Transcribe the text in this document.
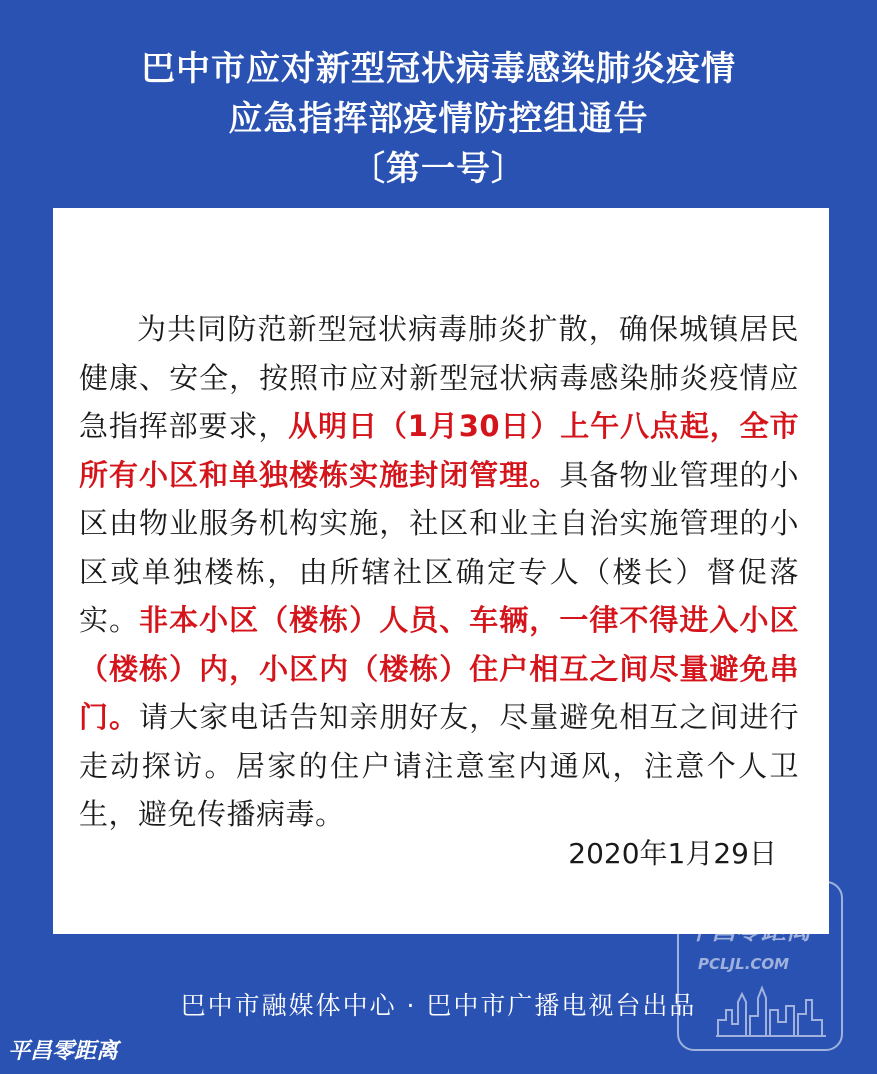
巴中市应对新型冠状病毒感染肺炎疫情
应急指挥部疫情防控组通告
〔第一号〕

为共同防范新型冠状病毒肺炎扩散，确保城镇居民健康、安全，按照市应对新型冠状病毒感染肺炎疫情应急指挥部要求，从明日（1月30日）上午八点起，全市所有小区和单独楼栋实施封闭管理。具备物业管理的小区由物业服务机构实施，社区和业主自治实施管理的小区或单独楼栋，由所辖社区确定专人（楼长）督促落实。非本小区（楼栋）人员、车辆，一律不得进入小区（楼栋）内，小区内（楼栋）住户相互之间尽量避免串门。请大家电话告知亲朋好友，尽量避免相互之间进行走动探访。居家的住户请注意室内通风，注意个人卫生，避免传播病毒。

2020年1月29日
巴中市融媒体中心 · 巴中市广播电视台出品
平昌零距离
PCLJL.COM
平昌零距离
